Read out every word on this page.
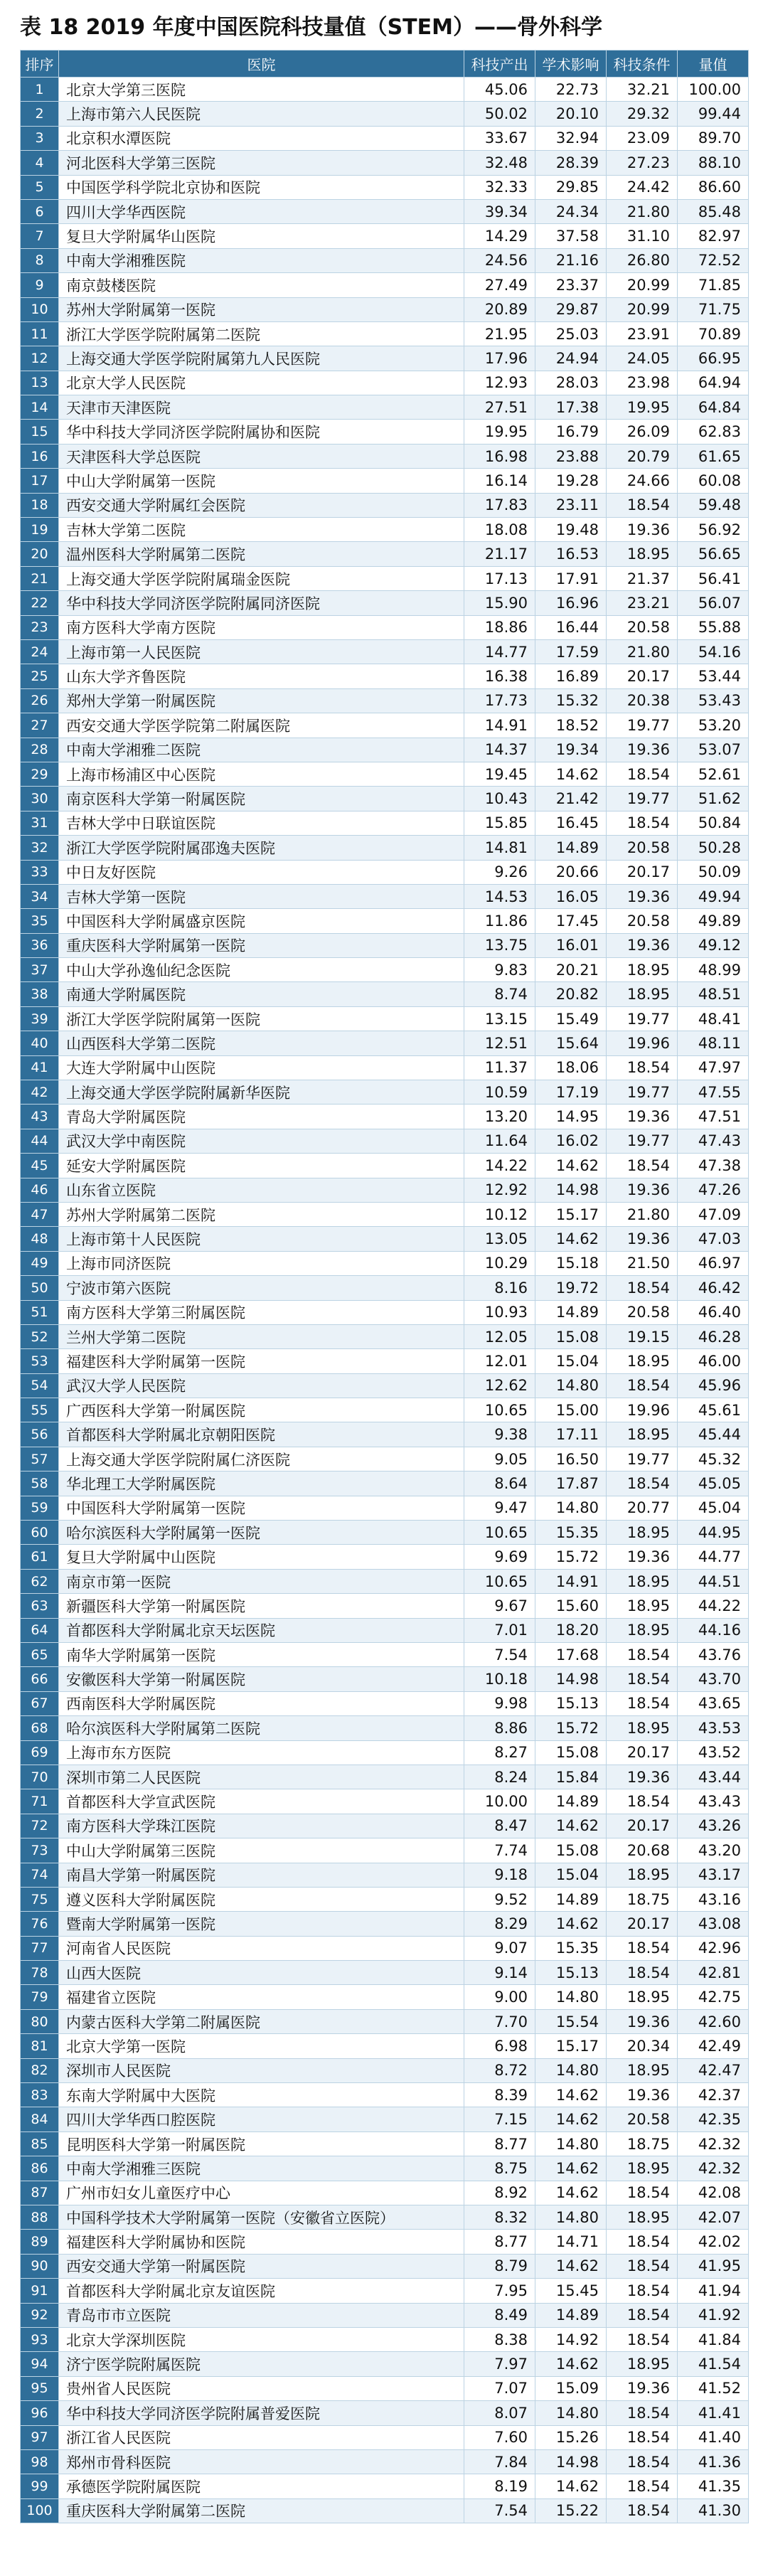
表 18 2019 年度中国医院科技量值（STEM）——骨外科学
排序	医院	科技产出	学术影响	科技条件	量值
1	北京大学第三医院	45.06	22.73	32.21	100.00
2	上海市第六人民医院	50.02	20.10	29.32	99.44
3	北京积水潭医院	33.67	32.94	23.09	89.70
4	河北医科大学第三医院	32.48	28.39	27.23	88.10
5	中国医学科学院北京协和医院	32.33	29.85	24.42	86.60
6	四川大学华西医院	39.34	24.34	21.80	85.48
7	复旦大学附属华山医院	14.29	37.58	31.10	82.97
8	中南大学湘雅医院	24.56	21.16	26.80	72.52
9	南京鼓楼医院	27.49	23.37	20.99	71.85
10	苏州大学附属第一医院	20.89	29.87	20.99	71.75
11	浙江大学医学院附属第二医院	21.95	25.03	23.91	70.89
12	上海交通大学医学院附属第九人民医院	17.96	24.94	24.05	66.95
13	北京大学人民医院	12.93	28.03	23.98	64.94
14	天津市天津医院	27.51	17.38	19.95	64.84
15	华中科技大学同济医学院附属协和医院	19.95	16.79	26.09	62.83
16	天津医科大学总医院	16.98	23.88	20.79	61.65
17	中山大学附属第一医院	16.14	19.28	24.66	60.08
18	西安交通大学附属红会医院	17.83	23.11	18.54	59.48
19	吉林大学第二医院	18.08	19.48	19.36	56.92
20	温州医科大学附属第二医院	21.17	16.53	18.95	56.65
21	上海交通大学医学院附属瑞金医院	17.13	17.91	21.37	56.41
22	华中科技大学同济医学院附属同济医院	15.90	16.96	23.21	56.07
23	南方医科大学南方医院	18.86	16.44	20.58	55.88
24	上海市第一人民医院	14.77	17.59	21.80	54.16
25	山东大学齐鲁医院	16.38	16.89	20.17	53.44
26	郑州大学第一附属医院	17.73	15.32	20.38	53.43
27	西安交通大学医学院第二附属医院	14.91	18.52	19.77	53.20
28	中南大学湘雅二医院	14.37	19.34	19.36	53.07
29	上海市杨浦区中心医院	19.45	14.62	18.54	52.61
30	南京医科大学第一附属医院	10.43	21.42	19.77	51.62
31	吉林大学中日联谊医院	15.85	16.45	18.54	50.84
32	浙江大学医学院附属邵逸夫医院	14.81	14.89	20.58	50.28
33	中日友好医院	9.26	20.66	20.17	50.09
34	吉林大学第一医院	14.53	16.05	19.36	49.94
35	中国医科大学附属盛京医院	11.86	17.45	20.58	49.89
36	重庆医科大学附属第一医院	13.75	16.01	19.36	49.12
37	中山大学孙逸仙纪念医院	9.83	20.21	18.95	48.99
38	南通大学附属医院	8.74	20.82	18.95	48.51
39	浙江大学医学院附属第一医院	13.15	15.49	19.77	48.41
40	山西医科大学第二医院	12.51	15.64	19.96	48.11
41	大连大学附属中山医院	11.37	18.06	18.54	47.97
42	上海交通大学医学院附属新华医院	10.59	17.19	19.77	47.55
43	青岛大学附属医院	13.20	14.95	19.36	47.51
44	武汉大学中南医院	11.64	16.02	19.77	47.43
45	延安大学附属医院	14.22	14.62	18.54	47.38
46	山东省立医院	12.92	14.98	19.36	47.26
47	苏州大学附属第二医院	10.12	15.17	21.80	47.09
48	上海市第十人民医院	13.05	14.62	19.36	47.03
49	上海市同济医院	10.29	15.18	21.50	46.97
50	宁波市第六医院	8.16	19.72	18.54	46.42
51	南方医科大学第三附属医院	10.93	14.89	20.58	46.40
52	兰州大学第二医院	12.05	15.08	19.15	46.28
53	福建医科大学附属第一医院	12.01	15.04	18.95	46.00
54	武汉大学人民医院	12.62	14.80	18.54	45.96
55	广西医科大学第一附属医院	10.65	15.00	19.96	45.61
56	首都医科大学附属北京朝阳医院	9.38	17.11	18.95	45.44
57	上海交通大学医学院附属仁济医院	9.05	16.50	19.77	45.32
58	华北理工大学附属医院	8.64	17.87	18.54	45.05
59	中国医科大学附属第一医院	9.47	14.80	20.77	45.04
60	哈尔滨医科大学附属第一医院	10.65	15.35	18.95	44.95
61	复旦大学附属中山医院	9.69	15.72	19.36	44.77
62	南京市第一医院	10.65	14.91	18.95	44.51
63	新疆医科大学第一附属医院	9.67	15.60	18.95	44.22
64	首都医科大学附属北京天坛医院	7.01	18.20	18.95	44.16
65	南华大学附属第一医院	7.54	17.68	18.54	43.76
66	安徽医科大学第一附属医院	10.18	14.98	18.54	43.70
67	西南医科大学附属医院	9.98	15.13	18.54	43.65
68	哈尔滨医科大学附属第二医院	8.86	15.72	18.95	43.53
69	上海市东方医院	8.27	15.08	20.17	43.52
70	深圳市第二人民医院	8.24	15.84	19.36	43.44
71	首都医科大学宣武医院	10.00	14.89	18.54	43.43
72	南方医科大学珠江医院	8.47	14.62	20.17	43.26
73	中山大学附属第三医院	7.74	15.08	20.68	43.20
74	南昌大学第一附属医院	9.18	15.04	18.95	43.17
75	遵义医科大学附属医院	9.52	14.89	18.75	43.16
76	暨南大学附属第一医院	8.29	14.62	20.17	43.08
77	河南省人民医院	9.07	15.35	18.54	42.96
78	山西大医院	9.14	15.13	18.54	42.81
79	福建省立医院	9.00	14.80	18.95	42.75
80	内蒙古医科大学第二附属医院	7.70	15.54	19.36	42.60
81	北京大学第一医院	6.98	15.17	20.34	42.49
82	深圳市人民医院	8.72	14.80	18.95	42.47
83	东南大学附属中大医院	8.39	14.62	19.36	42.37
84	四川大学华西口腔医院	7.15	14.62	20.58	42.35
85	昆明医科大学第一附属医院	8.77	14.80	18.75	42.32
86	中南大学湘雅三医院	8.75	14.62	18.95	42.32
87	广州市妇女儿童医疗中心	8.92	14.62	18.54	42.08
88	中国科学技术大学附属第一医院（安徽省立医院）	8.32	14.80	18.95	42.07
89	福建医科大学附属协和医院	8.77	14.71	18.54	42.02
90	西安交通大学第一附属医院	8.79	14.62	18.54	41.95
91	首都医科大学附属北京友谊医院	7.95	15.45	18.54	41.94
92	青岛市市立医院	8.49	14.89	18.54	41.92
93	北京大学深圳医院	8.38	14.92	18.54	41.84
94	济宁医学院附属医院	7.97	14.62	18.95	41.54
95	贵州省人民医院	7.07	15.09	19.36	41.52
96	华中科技大学同济医学院附属普爱医院	8.07	14.80	18.54	41.41
97	浙江省人民医院	7.60	15.26	18.54	41.40
98	郑州市骨科医院	7.84	14.98	18.54	41.36
99	承德医学院附属医院	8.19	14.62	18.54	41.35
100	重庆医科大学附属第二医院	7.54	15.22	18.54	41.30
